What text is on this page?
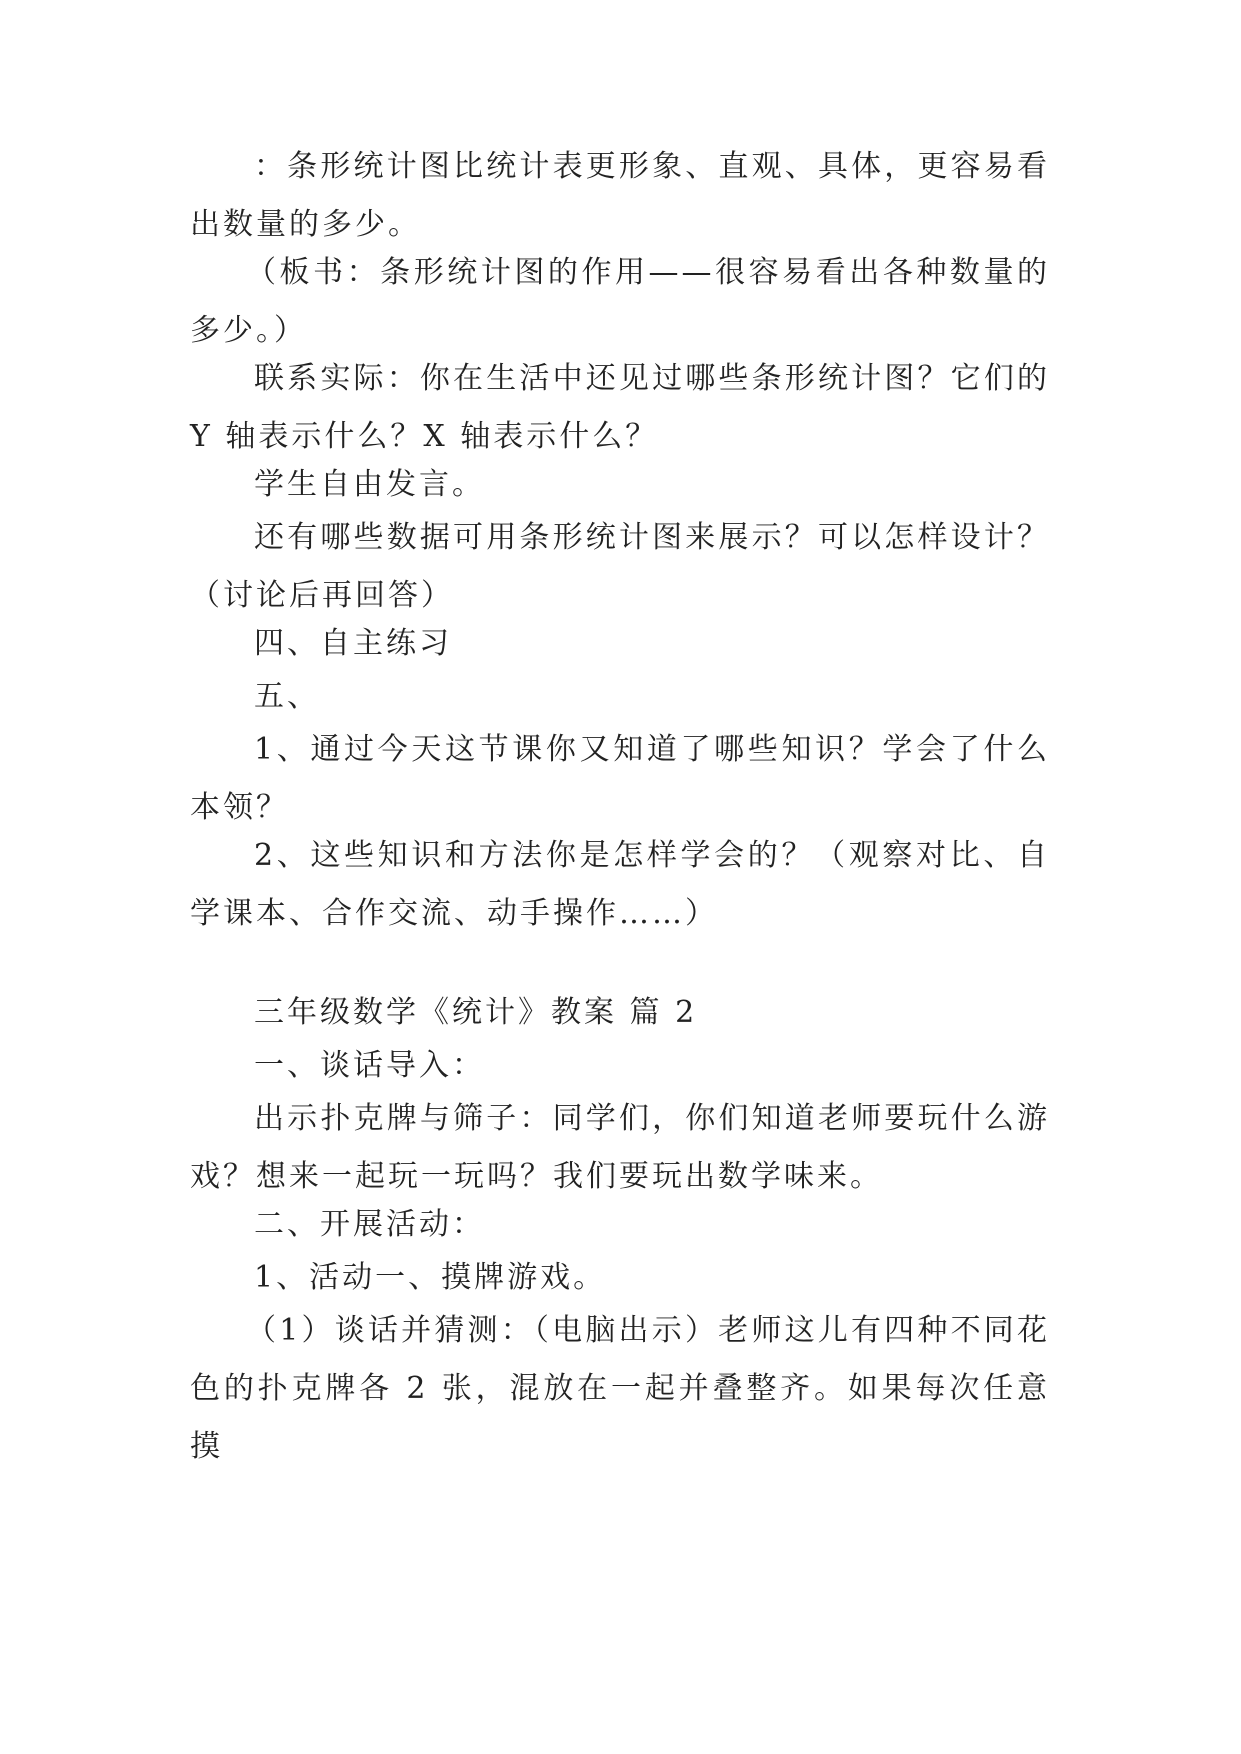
：条形统计图比统计表更形象、直观、具体，更容易看出数量的多少。

（板书：条形统计图的作用——很容易看出各种数量的多少。）

联系实际：你在生活中还见过哪些条形统计图？它们的 Y 轴表示什么？X 轴表示什么？

学生自由发言。

还有哪些数据可用条形统计图来展示？可以怎样设计？（讨论后再回答）

四、自主练习

五、

1、通过今天这节课你又知道了哪些知识？学会了什么本领？

2、这些知识和方法你是怎样学会的？（观察对比、自学课本、合作交流、动手操作……）

三年级数学《统计》教案 篇 2

一、谈话导入：

出示扑克牌与筛子：同学们，你们知道老师要玩什么游戏？想来一起玩一玩吗？我们要玩出数学味来。

二、开展活动：

1、活动一、摸牌游戏。

（1）谈话并猜测：（电脑出示）老师这儿有四种不同花色的扑克牌各 2 张，混放在一起并叠整齐。如果每次任意摸
